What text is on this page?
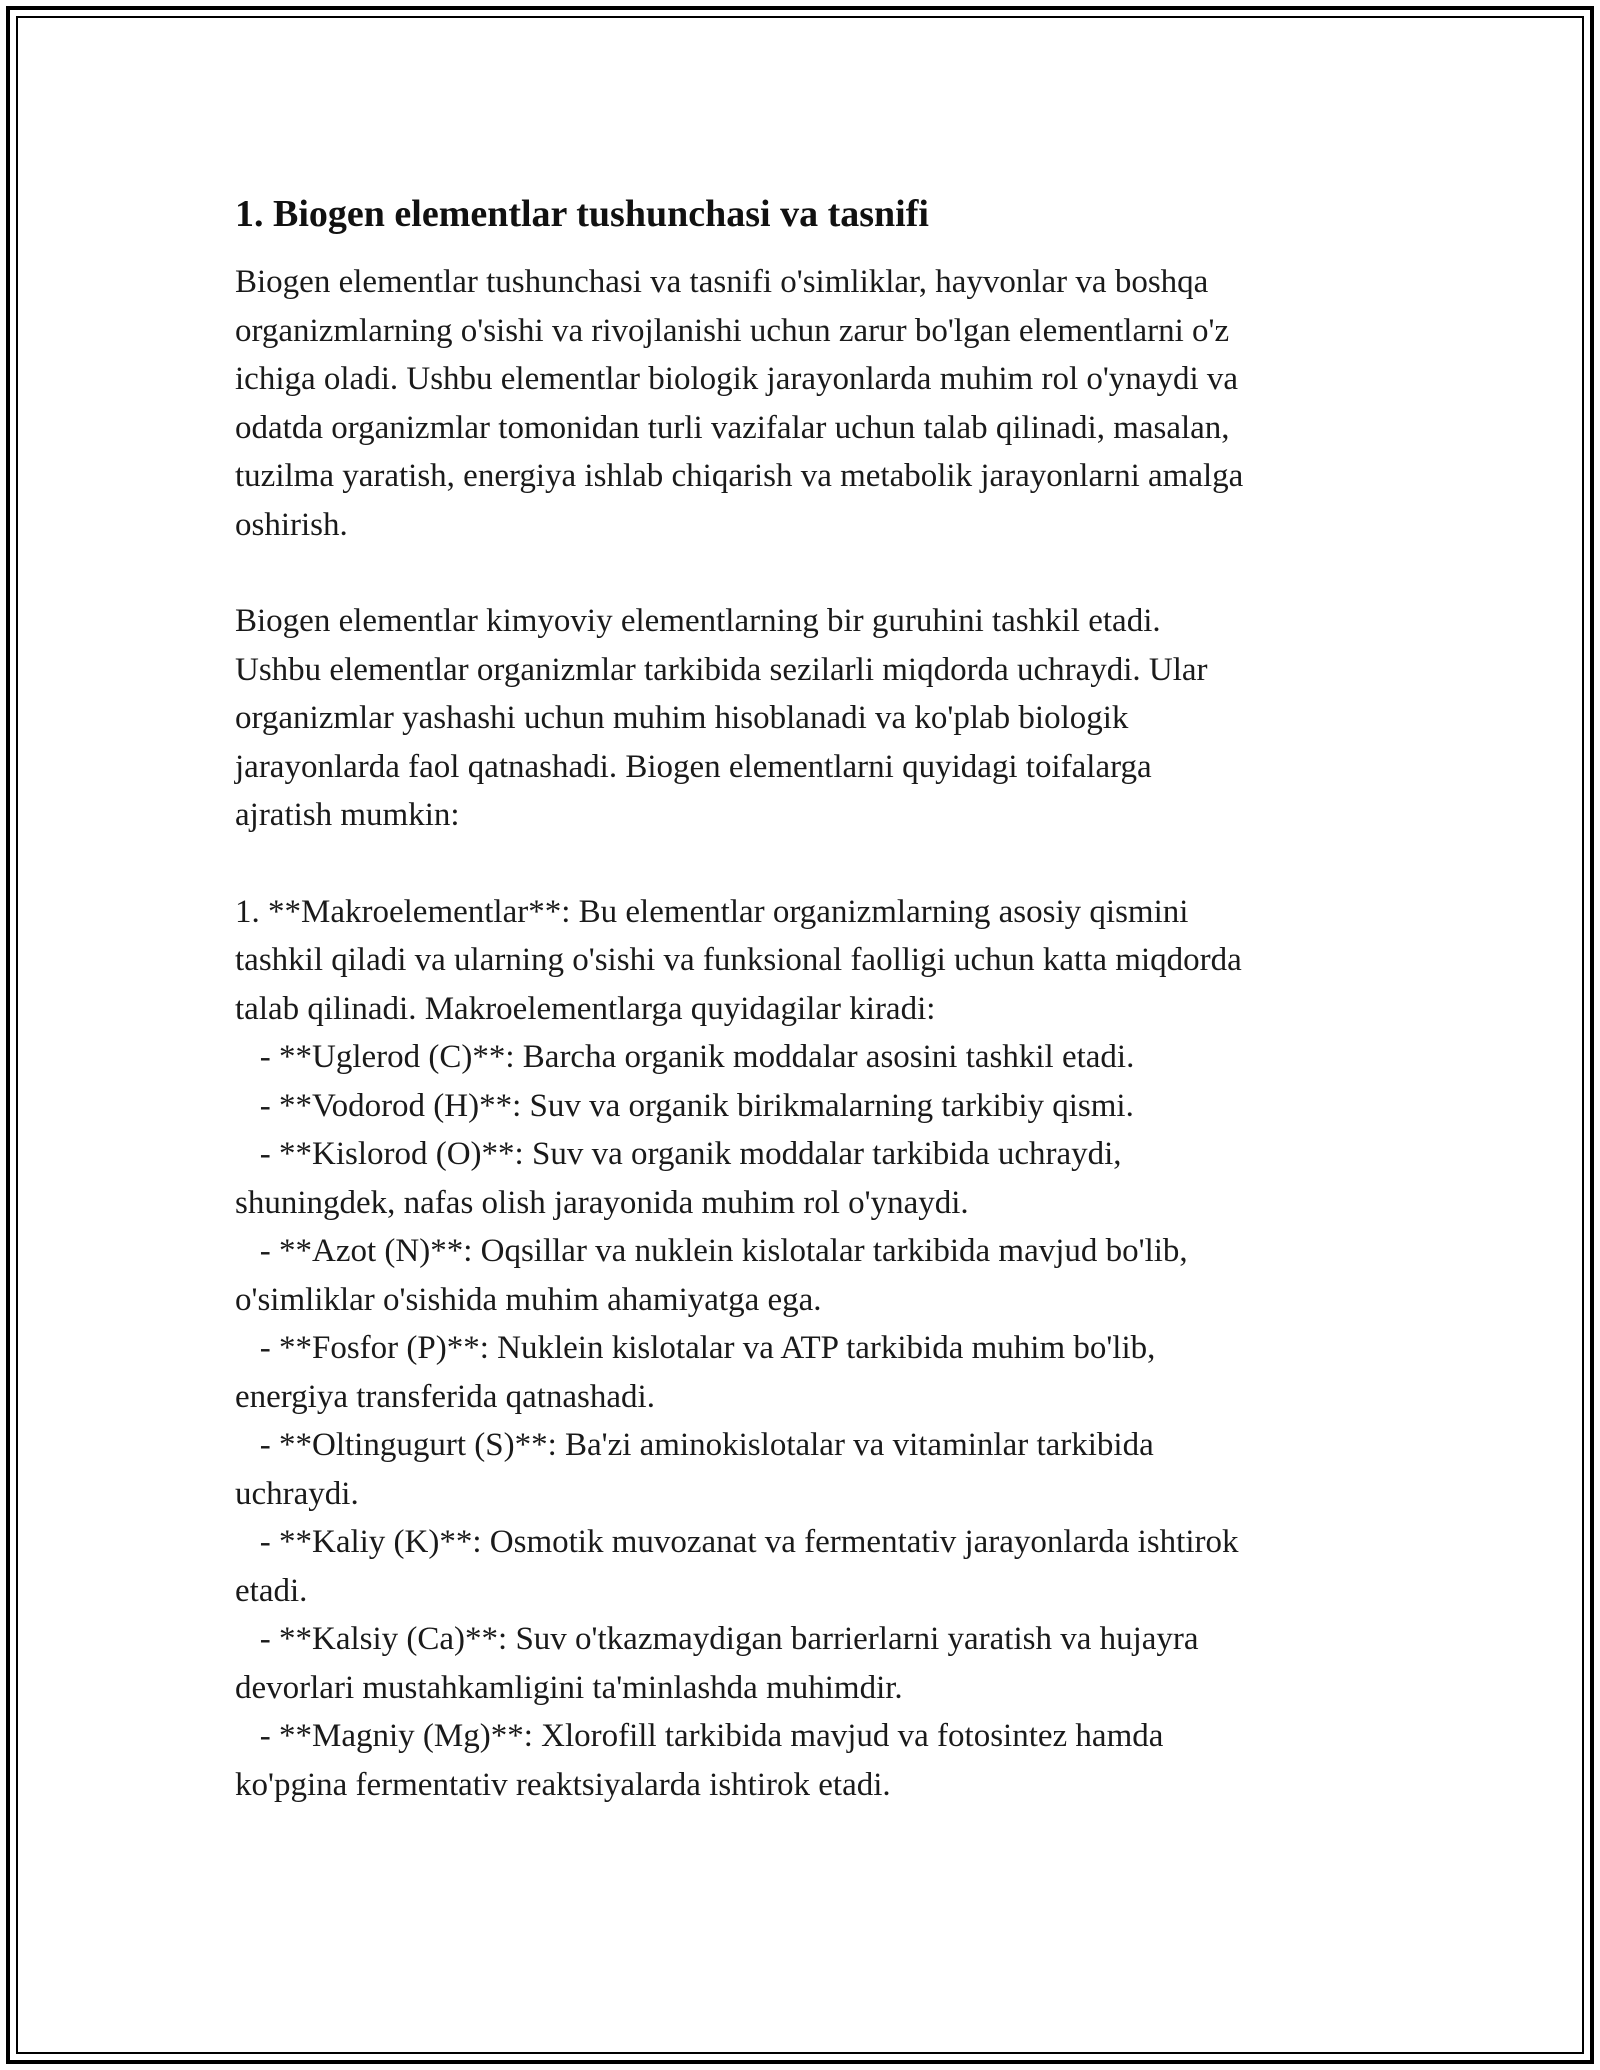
1. Biogen elementlar tushunchasi va tasnifi

Biogen elementlar tushunchasi va tasnifi o'simliklar, hayvonlar va boshqa
organizmlarning o'sishi va rivojlanishi uchun zarur bo'lgan elementlarni o'z
ichiga oladi. Ushbu elementlar biologik jarayonlarda muhim rol o'ynaydi va
odatda organizmlar tomonidan turli vazifalar uchun talab qilinadi, masalan,
tuzilma yaratish, energiya ishlab chiqarish va metabolik jarayonlarni amalga
oshirish.

Biogen elementlar kimyoviy elementlarning bir guruhini tashkil etadi.
Ushbu elementlar organizmlar tarkibida sezilarli miqdorda uchraydi. Ular
organizmlar yashashi uchun muhim hisoblanadi va ko'plab biologik
jarayonlarda faol qatnashadi. Biogen elementlarni quyidagi toifalarga
ajratish mumkin:

1. **Makroelementlar**: Bu elementlar organizmlarning asosiy qismini

tashkil qiladi va ularning o'sishi va funksional faolligi uchun katta miqdorda

talab qilinadi. Makroelementlarga quyidagilar kiradi:

- **Uglerod (C)**: Barcha organik moddalar asosini tashkil etadi.

- **Vodorod (H)**: Suv va organik birikmalarning tarkibiy qismi.

- **Kislorod (O)**: Suv va organik moddalar tarkibida uchraydi,

shuningdek, nafas olish jarayonida muhim rol o'ynaydi.

- **Azot (N)**: Oqsillar va nuklein kislotalar tarkibida mavjud bo'lib,

o'simliklar o'sishida muhim ahamiyatga ega.

- **Fosfor (P)**: Nuklein kislotalar va ATP tarkibida muhim bo'lib,

energiya transferida qatnashadi.

- **Oltingugurt (S)**: Ba'zi aminokislotalar va vitaminlar tarkibida

uchraydi.

- **Kaliy (K)**: Osmotik muvozanat va fermentativ jarayonlarda ishtirok

etadi.

- **Kalsiy (Ca)**: Suv o'tkazmaydigan barrierlarni yaratish va hujayra

devorlari mustahkamligini ta'minlashda muhimdir.

- **Magniy (Mg)**: Xlorofill tarkibida mavjud va fotosintez hamda

ko'pgina fermentativ reaktsiyalarda ishtirok etadi.
